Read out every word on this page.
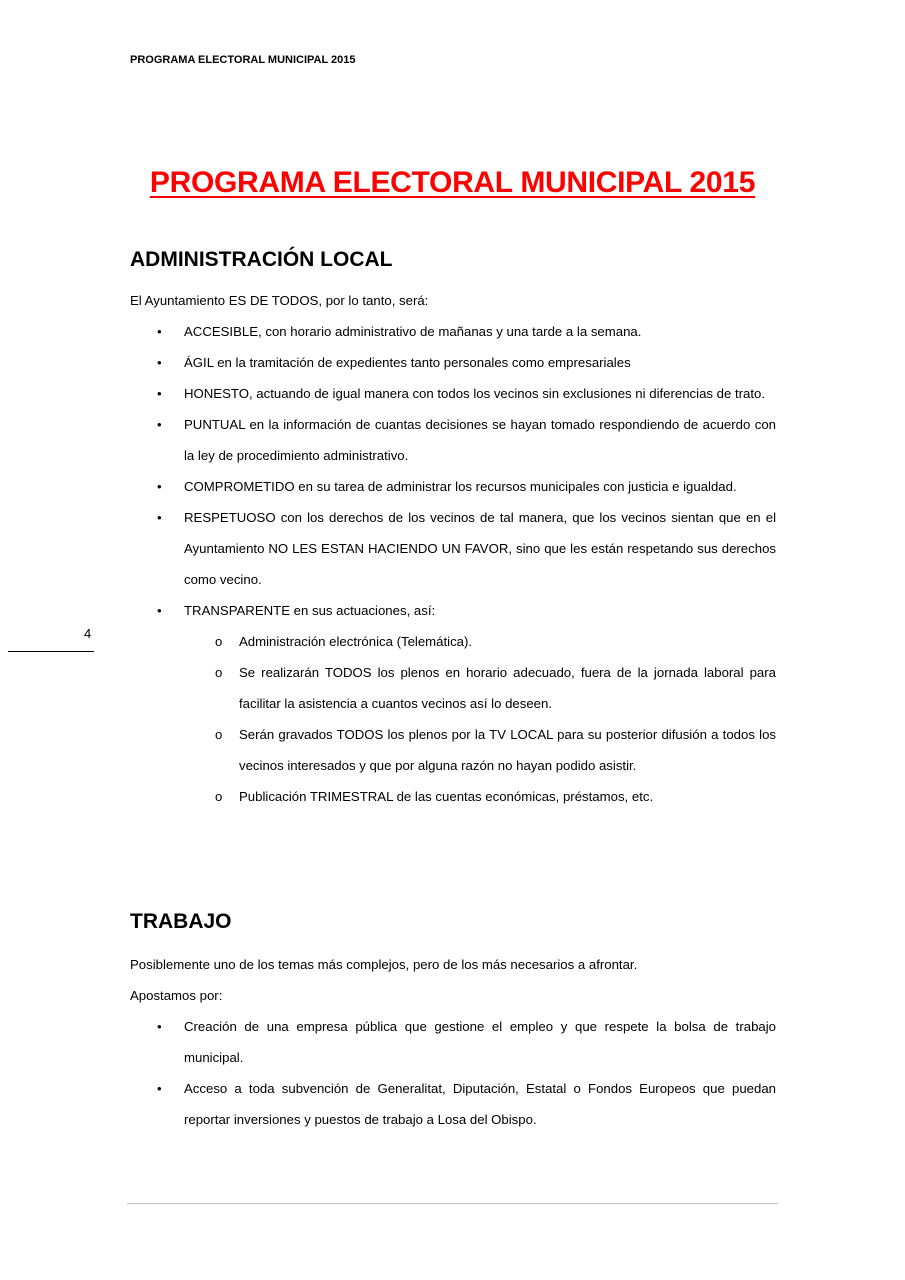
PROGRAMA ELECTORAL MUNICIPAL 2015
PROGRAMA ELECTORAL MUNICIPAL 2015
ADMINISTRACIÓN LOCAL

El Ayuntamiento ES DE TODOS, por lo tanto, será:

• ACCESIBLE, con horario administrativo de mañanas y una tarde a la semana.
• ÁGIL en la tramitación de expedientes tanto personales como empresariales
• HONESTO, actuando de igual manera con todos los vecinos sin exclusiones ni diferencias de trato.
• PUNTUAL en la información de cuantas decisiones se hayan tomado respondiendo de acuerdo con la ley de procedimiento administrativo.
• COMPROMETIDO en su tarea de administrar los recursos municipales con justicia e igualdad.
• RESPETUOSO con los derechos de los vecinos de tal manera, que los vecinos sientan que en el Ayuntamiento NO LES ESTAN HACIENDO UN FAVOR, sino que les están respetando sus derechos como vecino.
• TRANSPARENTE en sus actuaciones, así:
o Administración electrónica (Telemática).
o Se realizarán TODOS los plenos en horario adecuado, fuera de la jornada laboral para facilitar la asistencia a cuantos vecinos así lo deseen.
o Serán gravados TODOS los plenos por la TV LOCAL para su posterior difusión a todos los vecinos interesados y que por alguna razón no hayan podido asistir.
o Publicación TRIMESTRAL de las cuentas económicas, préstamos, etc.
TRABAJO

Posiblemente uno de los temas más complejos, pero de los más necesarios a afrontar.

Apostamos por:

• Creación de una empresa pública que gestione el empleo y que respete la bolsa de trabajo municipal.
• Acceso a toda subvención de Generalitat, Diputación, Estatal o Fondos Europeos que puedan reportar inversiones y puestos de trabajo a Losa del Obispo.
4
